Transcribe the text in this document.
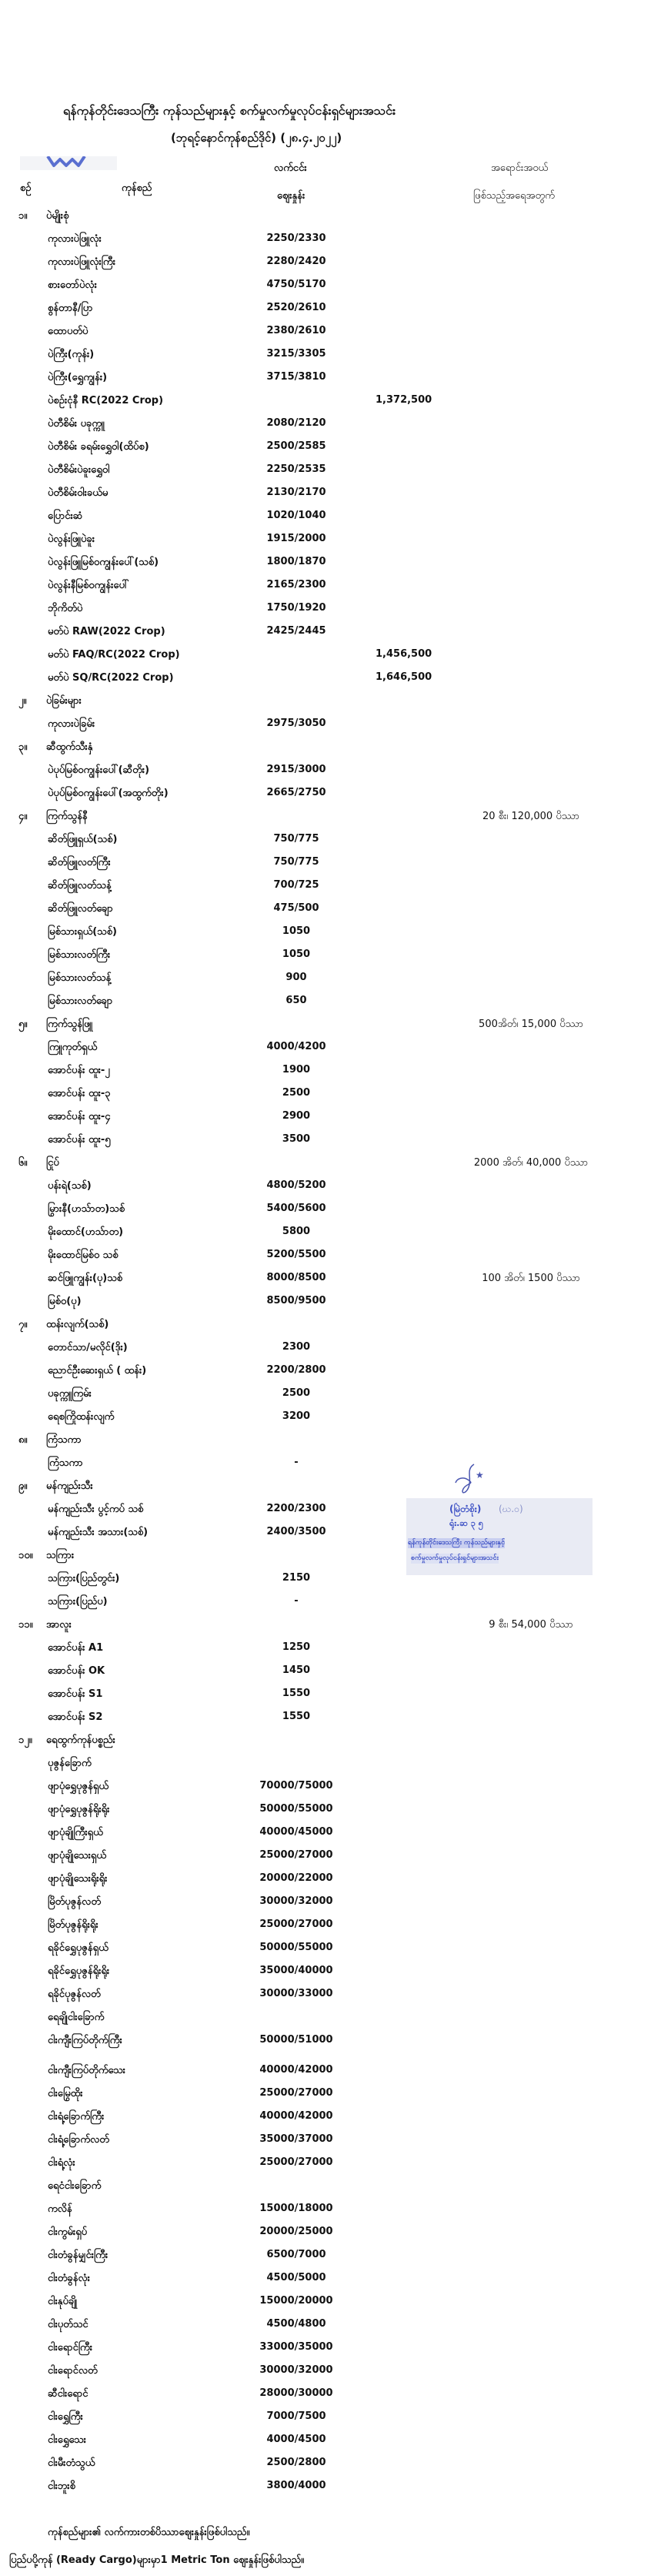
ရန်ကုန်တိုင်းဒေသကြီး ကုန်သည်များနှင့် စက်မှုလက်မှုလုပ်ငန်းရှင်များအသင်း
(ဘုရင့်နောင်ကုန်စည်ဒိုင်) (၂၈.၄.၂၀၂၂)
စဉ်	ကုန်စည်
လက်ငင်း
ဈေးနှုန်း
အရောင်းအဝယ်
ဖြစ်သည့်အရေအတွက်
၁။ ပဲမျိုးစုံ
ကုလားပဲဖြူလုံး	2250/2330
ကုလားပဲဖြူလုံးကြီး	2280/2420
စားတော်ပဲလုံး	4750/5170
စွန်တာနီ/ပြာ	2520/2610
ထောပတ်ပဲ	2380/2610
ပဲကြီး(ကုန်း)	3215/3305
ပဲကြီး(ရွှေကျွန်း)	3715/3810
ပဲစဉ်းငုံနီ RC(2022 Crop)	1,372,500
ပဲတီစိမ်း ပခုက္ကူ	2080/2120
ပဲတီစိမ်း ခရမ်းရွှေဝါ(ထိပ်စ)	2500/2585
ပဲတီစိမ်းပဲခူးရွှေဝါ	2250/2535
ပဲတီစိမ်းဝါးခယ်မ	2130/2170
ပြောင်းဆံ	1020/1040
ပဲလွန်းဖြူပဲခူး	1915/2000
ပဲလွန်းဖြူမြစ်ဝကျွန်းပေါ်(သစ်)	1800/1870
ပဲလွန်းနီမြစ်ဝကျွန်းပေါ်	2165/2300
ဘိုကိတ်ပဲ	1750/1920
မတ်ပဲ RAW(2022 Crop)	2425/2445
မတ်ပဲ FAQ/RC(2022 Crop)	1,456,500
မတ်ပဲ SQ/RC(2022 Crop)	1,646,500
၂။ ပဲခြမ်းများ
ကုလားပဲခြမ်း	2975/3050
၃။ ဆီထွက်သီးနှံ
ပဲပုပ်မြစ်ဝကျွန်းပေါ်(ဆီတိုး)	2915/3000
ပဲပုပ်မြစ်ဝကျွန်းပေါ်(အထွက်တိုး)	2665/2750
၄။ ကြက်သွန်နီ	20 စီး၊ 120,000 ပိဿာ
ဆိတ်ဖြူရှယ်(သစ်)	750/775
ဆိတ်ဖြူလတ်ကြီး	750/775
ဆိတ်ဖြူလတ်သန့်	700/725
ဆိတ်ဖြူလတ်ချော	475/500
မြစ်သားရှယ်(သစ်)	1050
မြစ်သားလတ်ကြီး	1050
မြစ်သားလတ်သန့်	900
မြစ်သားလတ်ချော	650
၅။ ကြက်သွန်ဖြူ	500အိတ်၊ 15,000 ပိဿာ
ကြူကုတ်ရှယ်	4000/4200
အောင်ပန်း ထူး-၂	1900
အောင်ပန်း ထူး-၃	2500
အောင်ပန်း ထူး-၄	2900
အောင်ပန်း ထူး-၅	3500
၆။ ငြုပ်	2000 အိတ်၊ 40,000 ပိဿာ
ပန်းရဲ(သစ်)	4800/5200
မြွားနီ(ဟသ်ာတ)သစ်	5400/5600
မိုးထောင်(ဟသ်ာတ)	5800
မိုးထောင်မြစ်ဝ သစ်	5200/5500
ဆင်ဖြူကျွန်း(ပု)သစ်	8000/8500	100 အိတ်၊ 1500 ပိဿာ
မြစ်ဝ(ပု)	8500/9500
၇။ ထန်းလျက်(သစ်)
တောင်သာ/မလိုင်(ဒိုး)	2300
ညောင်ဦးဆေးရှယ် ( ထန်း)	2200/2800
ပခုက္ကူကြမ်း	2500
ရေစကြိုထန်းလျက်	3200
၈။ ကြံသကာ
ကြံသကာ	-
၉။ မန်ကျည်းသီး
မန်ကျည်းသီး ပွင့်ကပ် သစ်	2200/2300
မန်ကျည်းသီး အသား(သစ်)	2400/3500
၁၀။ သကြား
သကြား(ပြည်တွင်း)	2150
သကြား(ပြည်ပ)	-
၁၁။ အာလူး	9 စီး၊ 54,000 ပိဿာ
အောင်ပန်း A1	1250
အောင်ပန်း OK	1450
အောင်ပန်း S1	1550
အောင်ပန်း S2	1550
၁၂။ ရေထွက်ကုန်ပစ္စည်း
ပုဇွန်ခြောက်
ဖျာပုံရွှေပုဇွန်ရှယ်	70000/75000
ဖျာပုံရွှေပုဇွန်ရိုးရိုး	50000/55000
ဖျာပုံချိုကြီးရှယ်	40000/45000
ဖျာပုံချိုသေးရှယ်	25000/27000
ဖျာပုံချိုသေးရိုးရိုး	20000/22000
မြိတ်ပုဇွန်လတ်	30000/32000
မြိတ်ပုဇွန်ရိုးရိုး	25000/27000
ရခိုင်ရွှေပုဇွန်ရှယ်	50000/55000
ရခိုင်ရွှေပုဇွန်ရိုးရိုး	35000/40000
ရခိုင်ပုဇွန်လတ်	30000/33000
ရေချိုငါးခြောက်
ငါးကျီးကြပ်တိုက်ကြီး	50000/51000
ငါးကျီးကြပ်တိုက်သေး	40000/42000
ငါးမြွေထိုး	25000/27000
ငါးရံ့ခြောက်ကြီး	40000/42000
ငါးရံ့ခြောက်လတ်	35000/37000
ငါးရံ့လုံး	25000/27000
ရေငံငါးခြောက်
ကလိန်	15000/18000
ငါးကွမ်းရှပ်	20000/25000
ငါးတံခွန်မျှင်းကြီး	6500/7000
ငါးတံခွန်လုံး	4500/5000
ငါးနုပ်ချို	15000/20000
ငါးပုတ်သင်	4500/4800
ငါးရောင်ကြီး	33000/35000
ငါးရောင်လတ်	30000/32000
ဆီငါးရောင်	28000/30000
ငါးရွှေကြီး	7000/7500
ငါးရွှေသေး	4000/4500
ငါးမီးတံသွယ်	2500/2800
ငါးဘူးစိ	3800/4000
★
(မြဲတံစိုး) (ဃ.ဝ)
ရုံး.ဆ ၃ ၅
ရန်ကုန်တိုင်းဒေသကြီး ကုန်သည်များနှင့်
စက်မှုလက်မှုလုပ်ငန်းရှင်များအသင်း
ကုန်စည်များ၏ လက်ကားတစ်ပိဿာဈေးနှုန်းဖြစ်ပါသည်။
ပြည်ပပို့ကုန် (Ready Cargo)များမှာ1 Metric Ton ဈေးနှုန်းဖြစ်ပါသည်။
